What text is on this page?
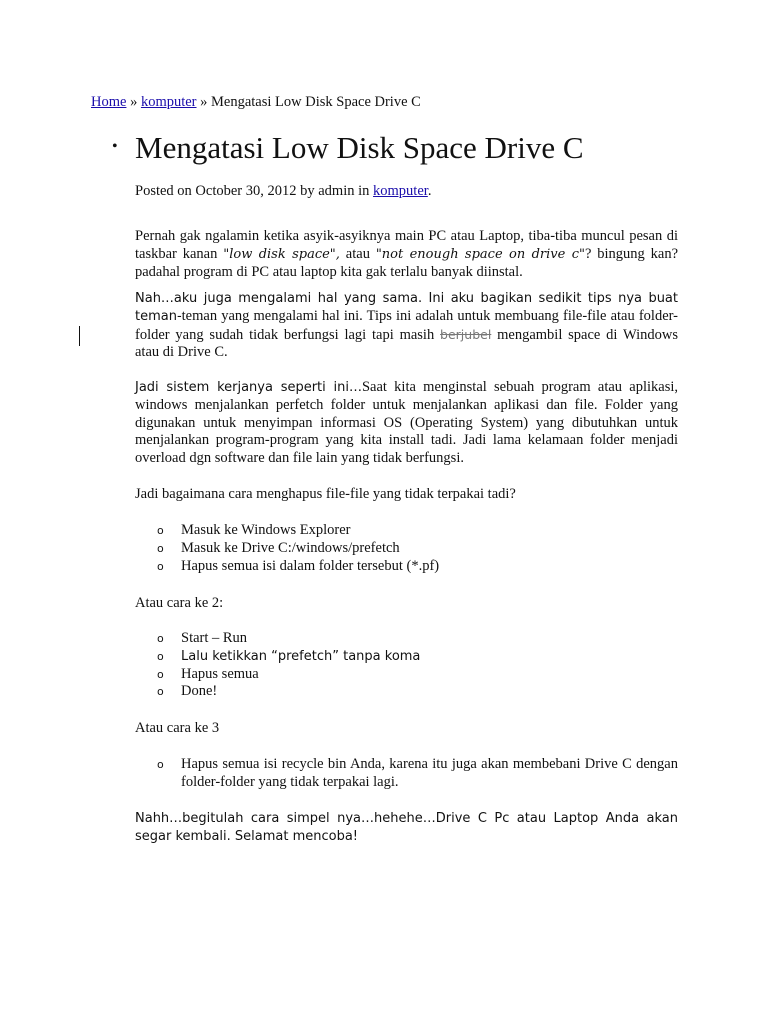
Home » komputer » Mengatasi Low Disk Space Drive C
• Mengatasi Low Disk Space Drive C
Posted on October 30, 2012 by admin in komputer.

Pernah gak ngalamin ketika asyik-asyiknya main PC atau Laptop, tiba-tiba muncul pesan di taskbar kanan "low disk space", atau "not enough space on drive c"? bingung kan? padahal program di PC atau laptop kita gak terlalu banyak diinstal.

Nah…aku juga mengalami hal yang sama. Ini aku bagikan sedikit tips nya buat teman-teman yang mengalami hal ini. Tips ini adalah untuk membuang file-file atau folder-folder yang sudah tidak berfungsi lagi tapi masih berjubel mengambil space di Windows atau di Drive C.

Jadi sistem kerjanya seperti ini…Saat kita menginstal sebuah program atau aplikasi, windows menjalankan perfetch folder untuk menjalankan aplikasi dan file. Folder yang digunakan untuk menyimpan informasi OS (Operating System) yang dibutuhkan untuk menjalankan program-program yang kita install tadi. Jadi lama kelamaan folder menjadi overload dgn software dan file lain yang tidak berfungsi.

Jadi bagaimana cara menghapus file-file yang tidak terpakai tadi?

o Masuk ke Windows Explorer
o Masuk ke Drive C:/windows/prefetch
o Hapus semua isi dalam folder tersebut (*.pf)

Atau cara ke 2:

o Start – Run
o Lalu ketikkan “prefetch” tanpa koma
o Hapus semua
o Done!

Atau cara ke 3

o Hapus semua isi recycle bin Anda, karena itu juga akan membebani Drive C dengan folder-folder yang tidak terpakai lagi.

Nahh…begitulah cara simpel nya…hehehe…Drive C Pc atau Laptop Anda akan segar kembali. Selamat mencoba!
